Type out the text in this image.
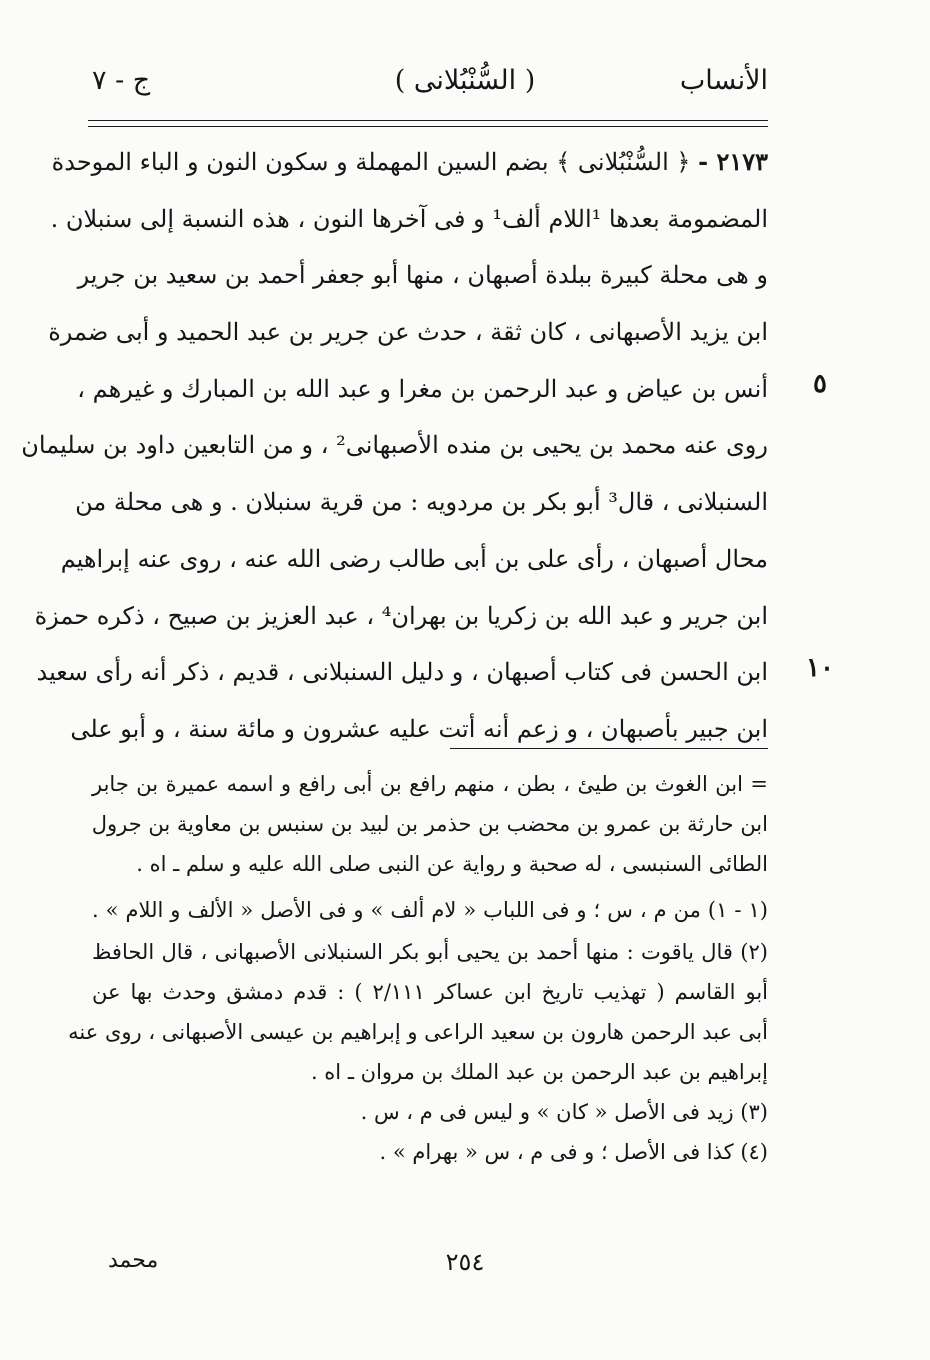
الأنساب
( السُّنْبُلانى )
ج - ٧
٢١٧٣ - ﴿ السُّنْبُلانى ﴾ بضم السين المهملة و سكون النون و الباء الموحدة
المضمومة بعدها ¹اللام ألف¹ و فى آخرها النون ، هذه النسبة إلى سنبلان .
و هى محلة كبيرة ببلدة أصبهان ، منها أبو جعفر أحمد بن سعيد بن جرير
ابن يزيد الأصبهانى ، كان ثقة ، حدث عن جرير بن عبد الحميد و أبى ضمرة
أنس بن عياض و عبد الرحمن بن مغرا و عبد الله بن المبارك و غيرهم ،
روى عنه محمد بن يحيى بن منده الأصبهانى² ، و من التابعين داود بن سليمان
السنبلانى ، قال³ أبو بكر بن مردويه : من قرية سنبلان . و هى محلة من
محال أصبهان ، رأى على بن أبى طالب رضى الله عنه ، روى عنه إبراهيم
ابن جرير و عبد الله بن زكريا بن بهران⁴ ، عبد العزيز بن صبيح ، ذكره حمزة
ابن الحسن فى كتاب أصبهان ، و دليل السنبلانى ، قديم ، ذكر أنه رأى سعيد
ابن جبير بأصبهان ، و زعم أنه أتت عليه عشرون و مائة سنة ، و أبو على
٥
١٠
= ابن الغوث بن طيئ ، بطن ، منهم رافع بن أبى رافع و اسمه عميرة بن جابر
ابن حارثة بن عمرو بن محضب بن حذمر بن لبيد بن سنبس بن معاوية بن جرول
الطائى السنبسى ، له صحبة و رواية عن النبى صلى الله عليه و سلم ـ اه .
(١ - ١) من م ، س ؛ و فى اللباب « لام ألف » و فى الأصل « الألف و اللام » .
(٢) قال ياقوت : منها أحمد بن يحيى أبو بكر السنبلانى الأصبهانى ، قال الحافظ
أبو القاسم ( تهذيب تاريخ ابن عساكر ٢/١١١ ) : قدم دمشق وحدث بها عن
أبى عبد الرحمن هارون بن سعيد الراعى و إبراهيم بن عيسى الأصبهانى ، روى عنه
إبراهيم بن عبد الرحمن بن عبد الملك بن مروان ـ اه .
(٣) زيد فى الأصل « كان » و ليس فى م ، س .
(٤) كذا فى الأصل ؛ و فى م ، س « بهرام » .
٢٥٤
محمد
